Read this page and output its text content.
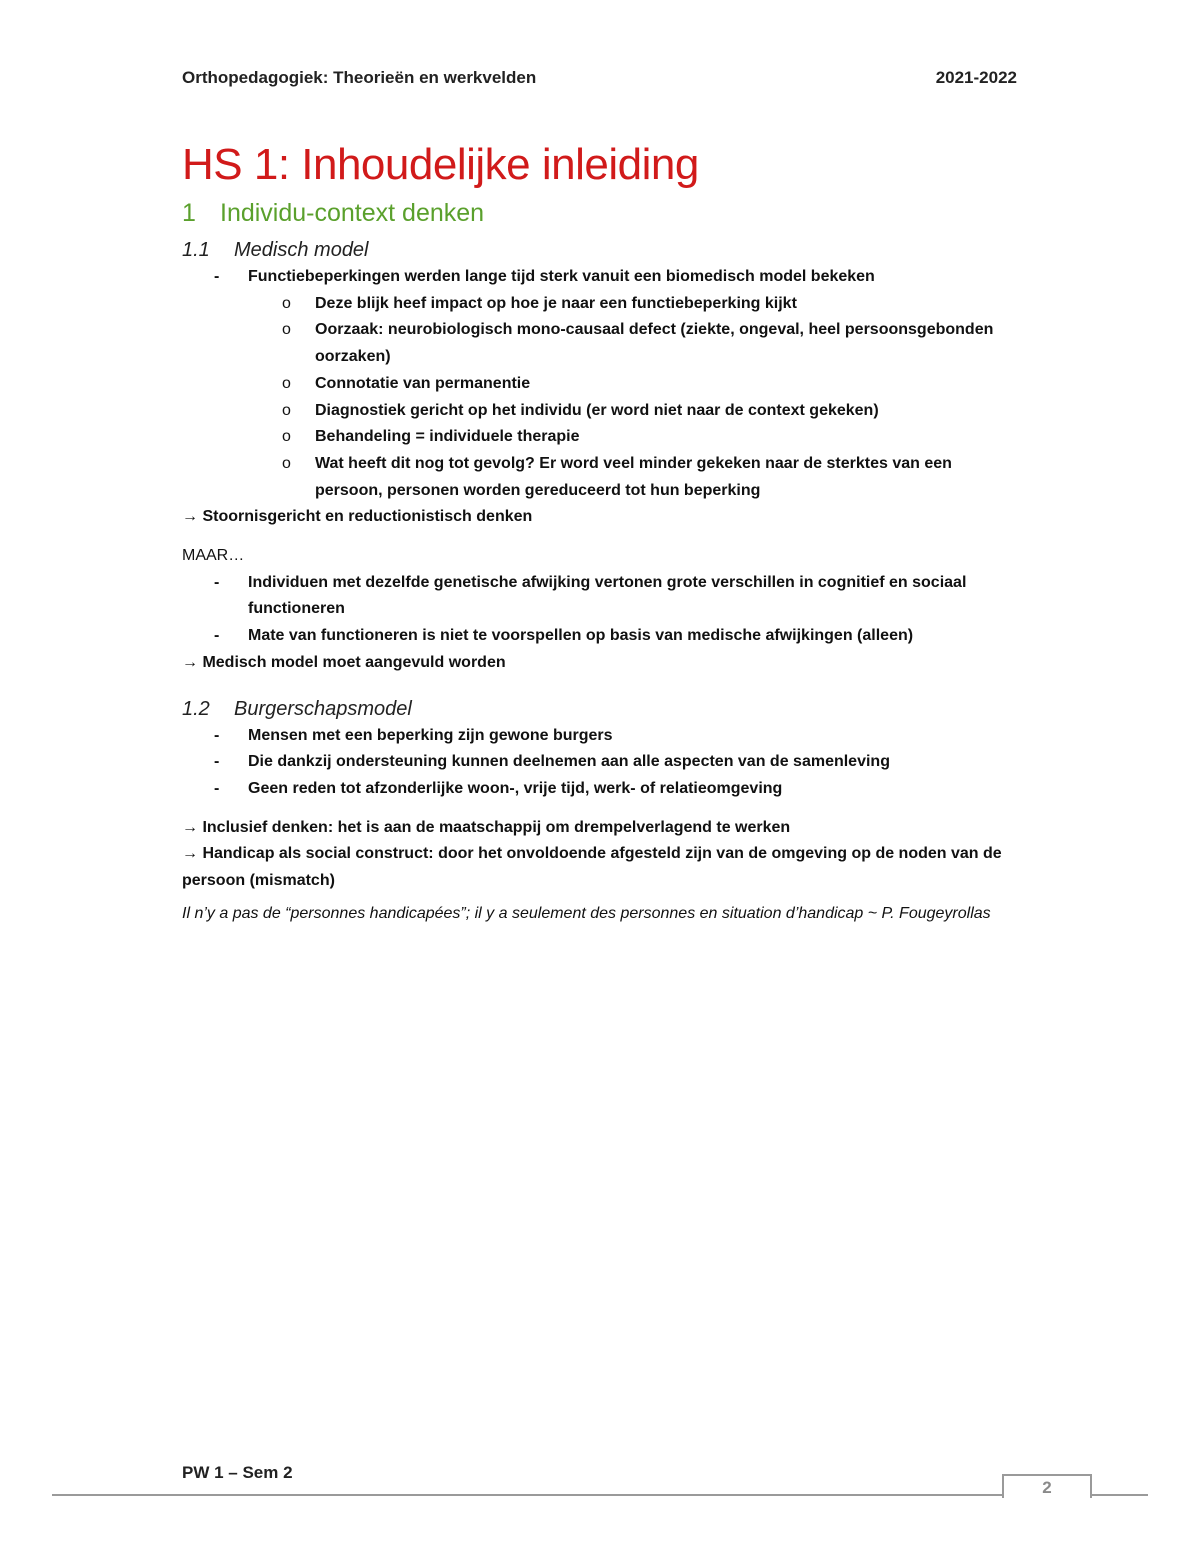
Orthopedagogiek: Theorieën en werkvelden	2021-2022
HS 1: Inhoudelijke inleiding
1 Individu-context denken
1.1 Medisch model
- Functiebeperkingen werden lange tijd sterk vanuit een biomedisch model bekeken
o Deze blijk heef impact op hoe je naar een functiebeperking kijkt
o Oorzaak: neurobiologisch mono-causaal defect (ziekte, ongeval, heel persoonsgebonden oorzaken)
o Connotatie van permanentie
o Diagnostiek gericht op het individu (er word niet naar de context gekeken)
o Behandeling = individuele therapie
o Wat heeft dit nog tot gevolg? Er word veel minder gekeken naar de sterktes van een persoon, personen worden gereduceerd tot hun beperking
→ Stoornisgericht en reductionistisch denken
MAAR…
- Individuen met dezelfde genetische afwijking vertonen grote verschillen in cognitief en sociaal functioneren
- Mate van functioneren is niet te voorspellen op basis van medische afwijkingen (alleen)
→ Medisch model moet aangevuld worden
1.2 Burgerschapsmodel
- Mensen met een beperking zijn gewone burgers
- Die dankzij ondersteuning kunnen deelnemen aan alle aspecten van de samenleving
- Geen reden tot afzonderlijke woon-, vrije tijd, werk- of relatieomgeving
→ Inclusief denken: het is aan de maatschappij om drempelverlagend te werken
→ Handicap als social construct: door het onvoldoende afgesteld zijn van de omgeving op de noden van de persoon (mismatch)
Il n’y a pas de “personnes handicapées”; il y a seulement des personnes en situation d’handicap ~ P. Fougeyrollas
PW 1 – Sem 2
2
